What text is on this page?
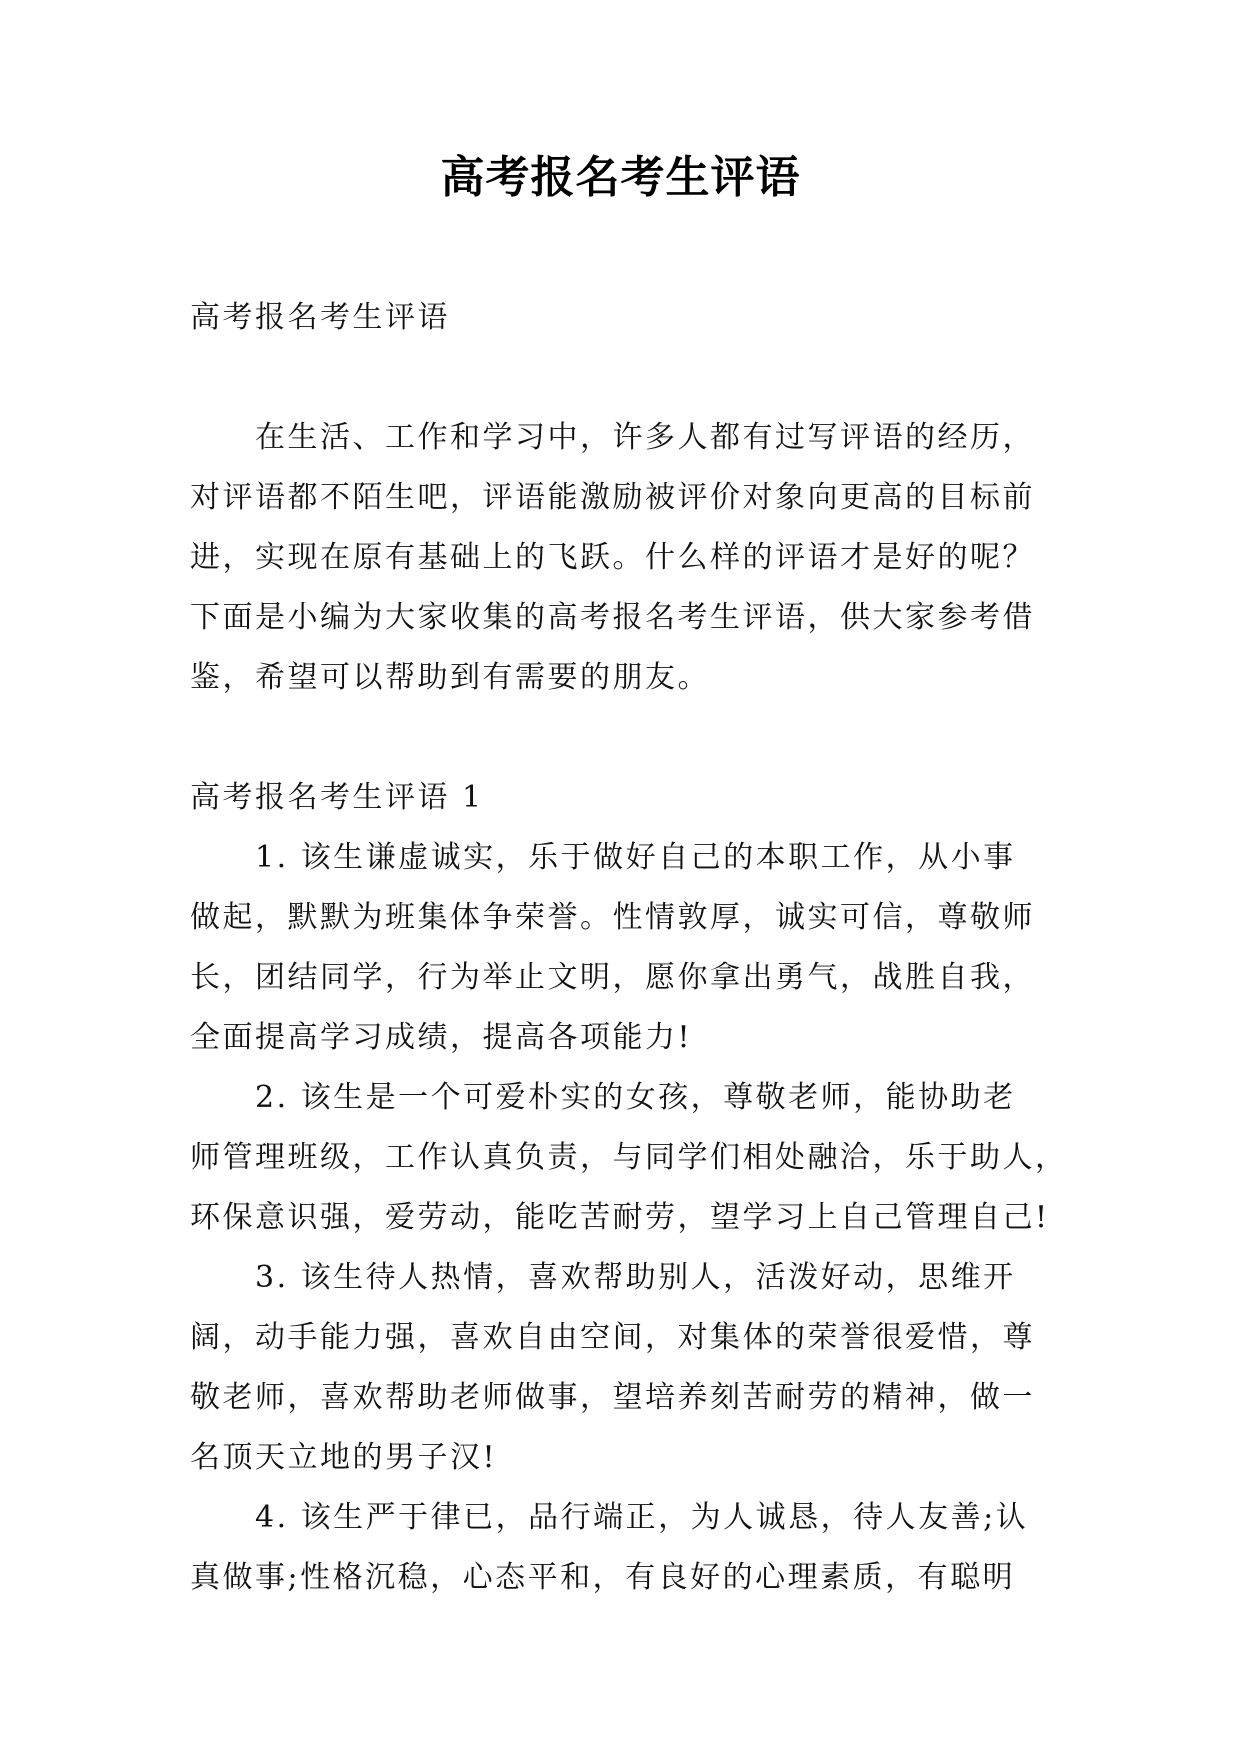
高考报名考生评语

高考报名考生评语

　　在生活、工作和学习中，许多人都有过写评语的经历，

对评语都不陌生吧，评语能激励被评价对象向更高的目标前

进，实现在原有基础上的飞跃。什么样的评语才是好的呢？

下面是小编为大家收集的高考报名考生评语，供大家参考借

鉴，希望可以帮助到有需要的朋友。

高考报名考生评语 1

　　1. 该生谦虚诚实，乐于做好自己的本职工作，从小事

做起，默默为班集体争荣誉。性情敦厚，诚实可信，尊敬师

长，团结同学，行为举止文明，愿你拿出勇气，战胜自我，

全面提高学习成绩，提高各项能力!

　　2. 该生是一个可爱朴实的女孩，尊敬老师，能协助老

师管理班级，工作认真负责，与同学们相处融洽，乐于助人，

环保意识强，爱劳动，能吃苦耐劳，望学习上自己管理自己!

　　3. 该生待人热情，喜欢帮助别人，活泼好动，思维开

阔，动手能力强，喜欢自由空间，对集体的荣誉很爱惜，尊

敬老师，喜欢帮助老师做事，望培养刻苦耐劳的精神，做一

名顶天立地的男子汉!

　　4. 该生严于律已，品行端正，为人诚恳，待人友善;认

真做事;性格沉稳，心态平和，有良好的心理素质，有聪明
